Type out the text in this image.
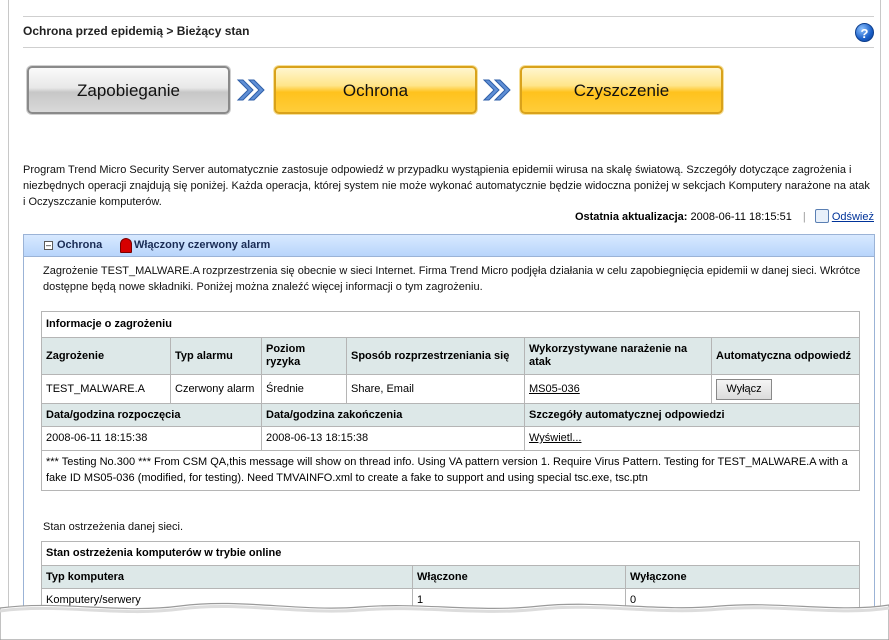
Ochrona przed epidemią > Bieżący stan	?
Zapobieganie	Ochrona	Czyszczenie
Program Trend Micro Security Server automatycznie zastosuje odpowiedź w przypadku wystąpienia epidemii wirusa na skalę światową. Szczegóły dotyczące zagrożenia i niezbędnych operacji znajdują się poniżej. Każda operacja, której system nie może wykonać automatycznie będzie widoczna poniżej w sekcjach Komputery narażone na atak i Oczyszczanie komputerów.
Ostatnia aktualizacja: 2008-06-11 18:15:51 | Odśwież
– Ochrona	Włączony czerwony alarm
Zagrożenie TEST_MALWARE.A rozprzestrzenia się obecnie w sieci Internet. Firma Trend Micro podjęła działania w celu zapobiegnięcia epidemii w danej sieci. Wkrótce dostępne będą nowe składniki. Poniżej można znaleźć więcej informacji o tym zagrożeniu.
Informacje o zagrożeniu					
Zagrożenie	Typ alarmu	Poziom ryzyka	Sposób rozprzestrzeniania się	Wykorzystywane narażenie na atak	Automatyczna odpowiedź
TEST_MALWARE.A	Czerwony alarm	Średnie	Share, Email	MS05-036	Wyłącz
Data/godzina rozpoczęcia		Data/godzina zakończenia		Szczegóły automatycznej odpowiedzi	
2008-06-11 18:15:38		2008-06-13 18:15:38		Wyświetl...	
*** Testing No.300 *** From CSM QA,this message will show on thread info. Using VA pattern version 1. Require Virus Pattern. Testing for TEST_MALWARE.A with a fake ID MS05-036 (modified, for testing). Need TMVAINFO.xml to create a fake to support and using special tsc.exe, tsc.ptn					
Stan ostrzeżenia danej sieci.
Stan ostrzeżenia komputerów w trybie online		
Typ komputera	Włączone	Wyłączone
Komputery/serwery	1	0
